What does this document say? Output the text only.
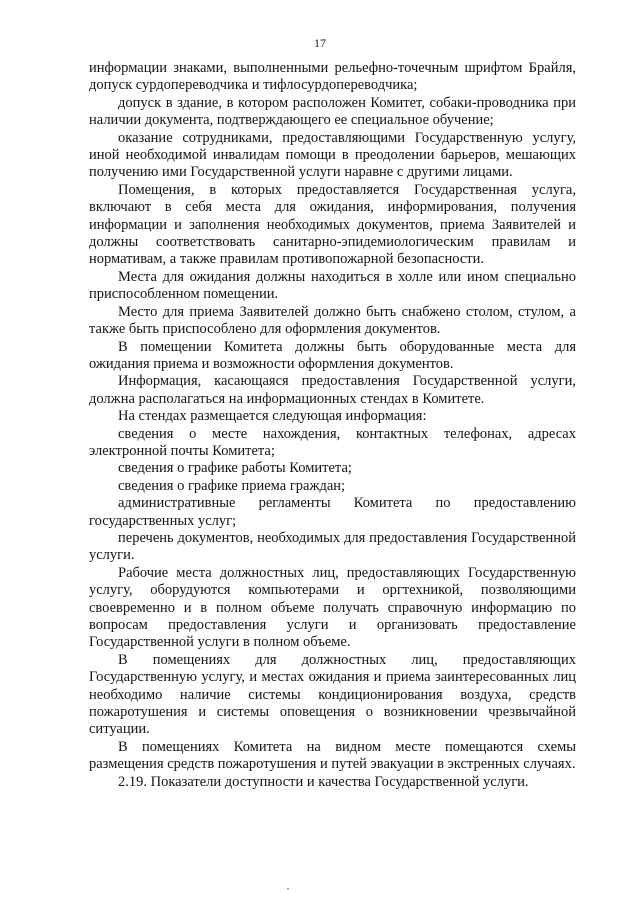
17

информации знаками, выполненными рельефно-точечным шрифтом Брайля, допуск сурдопереводчика и тифлосурдопереводчика;

допуск в здание, в котором расположен Комитет, собаки-проводника при наличии документа, подтверждающего ее специальное обучение;

оказание сотрудниками, предоставляющими Государственную услугу, иной необходимой инвалидам помощи в преодолении барьеров, мешающих получению ими Государственной услуги наравне с другими лицами.

Помещения, в которых предоставляется Государственная услуга, включают в себя места для ожидания, информирования, получения информации и заполнения необходимых документов, приема Заявителей и должны соответствовать санитарно-эпидемиологическим правилам и нормативам, а также правилам противопожарной безопасности.

Места для ожидания должны находиться в холле или ином специально приспособленном помещении.

Место для приема Заявителей должно быть снабжено столом, стулом, а также быть приспособлено для оформления документов.

В помещении Комитета должны быть оборудованные места для ожидания приема и возможности оформления документов.

Информация, касающаяся предоставления Государственной услуги, должна располагаться на информационных стендах в Комитете.

На стендах размещается следующая информация:

сведения о месте нахождения, контактных телефонах, адресах электронной почты Комитета;

сведения о графике работы Комитета;

сведения о графике приема граждан;

административные регламенты Комитета по предоставлению государственных услуг;

перечень документов, необходимых для предоставления Государственной услуги.

Рабочие места должностных лиц, предоставляющих Государственную услугу, оборудуются компьютерами и оргтехникой, позволяющими своевременно и в полном объеме получать справочную информацию по вопросам предоставления услуги и организовать предоставление Государственной услуги в полном объеме.

В помещениях для должностных лиц, предоставляющих Государственную услугу, и местах ожидания и приема заинтересованных лиц необходимо наличие системы кондиционирования воздуха, средств пожаротушения и системы оповещения о возникновении чрезвычайной ситуации.

В помещениях Комитета на видном месте помещаются схемы размещения средств пожаротушения и путей эвакуации в экстренных случаях.

2.19. Показатели доступности и качества Государственной услуги.
